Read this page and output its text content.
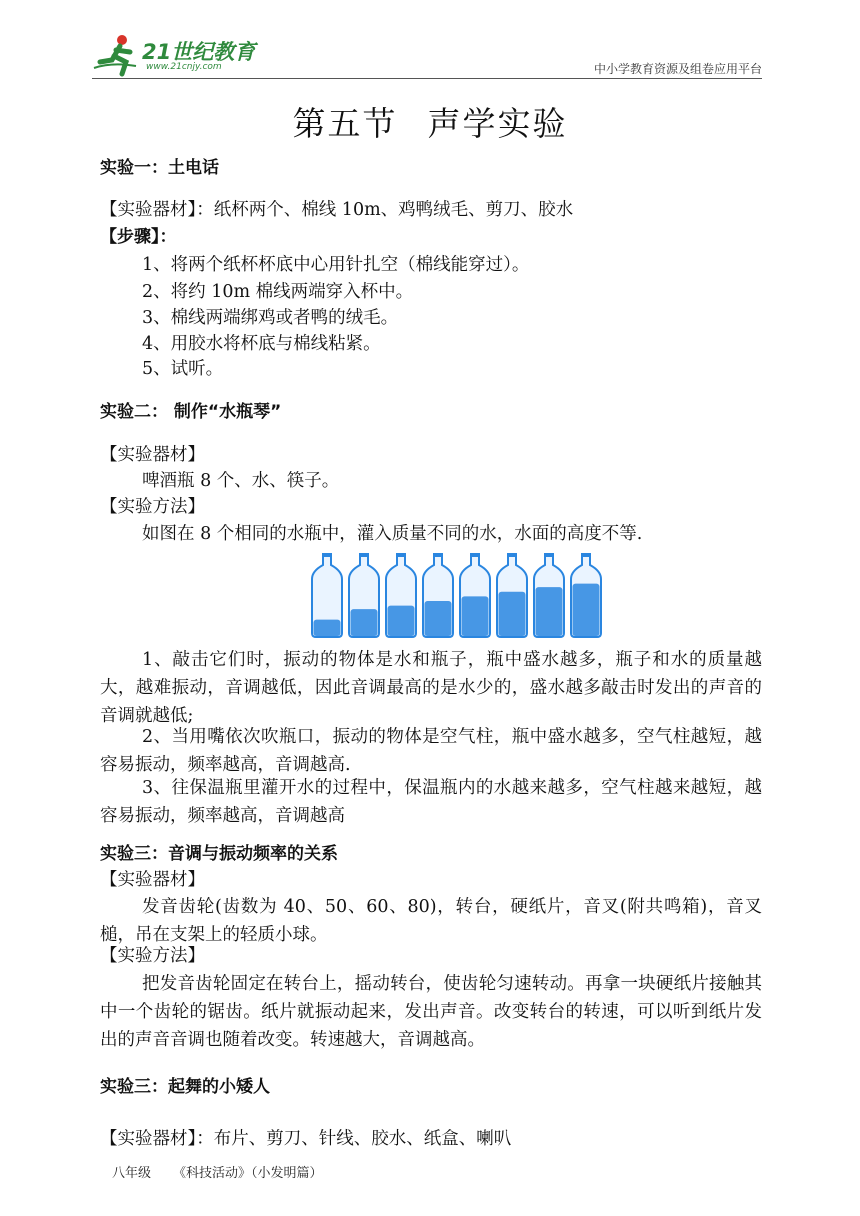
21世纪教育
www.21cnjy.com	中小学教育资源及组卷应用平台
第五节 声学实验
实验一：土电话
【实验器材】：纸杯两个、棉线 10m、鸡鸭绒毛、剪刀、胶水
【步骤】：
1、将两个纸杯杯底中心用针扎空（棉线能穿过）。
2、将约 10m 棉线两端穿入杯中。
3、棉线两端绑鸡或者鸭的绒毛。
4、用胶水将杯底与棉线粘紧。
5、试听。
实验二： 制作“水瓶琴”
【实验器材】
啤酒瓶 8 个、水、筷子。
【实验方法】
如图在 8 个相同的水瓶中，灌入质量不同的水，水面的高度不等.
1、敲击它们时，振动的物体是水和瓶子，瓶中盛水越多，瓶子和水的质量越大，越难振动，音调越低，因此音调最高的是水少的，盛水越多敲击时发出的声音的音调就越低;
2、当用嘴依次吹瓶口，振动的物体是空气柱，瓶中盛水越多，空气柱越短，越容易振动，频率越高，音调越高.
3、往保温瓶里灌开水的过程中，保温瓶内的水越来越多，空气柱越来越短，越容易振动，频率越高，音调越高
实验三：音调与振动频率的关系
【实验器材】
发音齿轮(齿数为 40、50、60、80)，转台，硬纸片，音叉(附共鸣箱)，音叉槌，吊在支架上的轻质小球。
【实验方法】
把发音齿轮固定在转台上，摇动转台，使齿轮匀速转动。再拿一块硬纸片接触其中一个齿轮的锯齿。纸片就振动起来，发出声音。改变转台的转速，可以听到纸片发出的声音音调也随着改变。转速越大，音调越高。
实验三：起舞的小矮人
【实验器材】：布片、剪刀、针线、胶水、纸盒、喇叭
八年级 《科技活动》（小发明篇）
